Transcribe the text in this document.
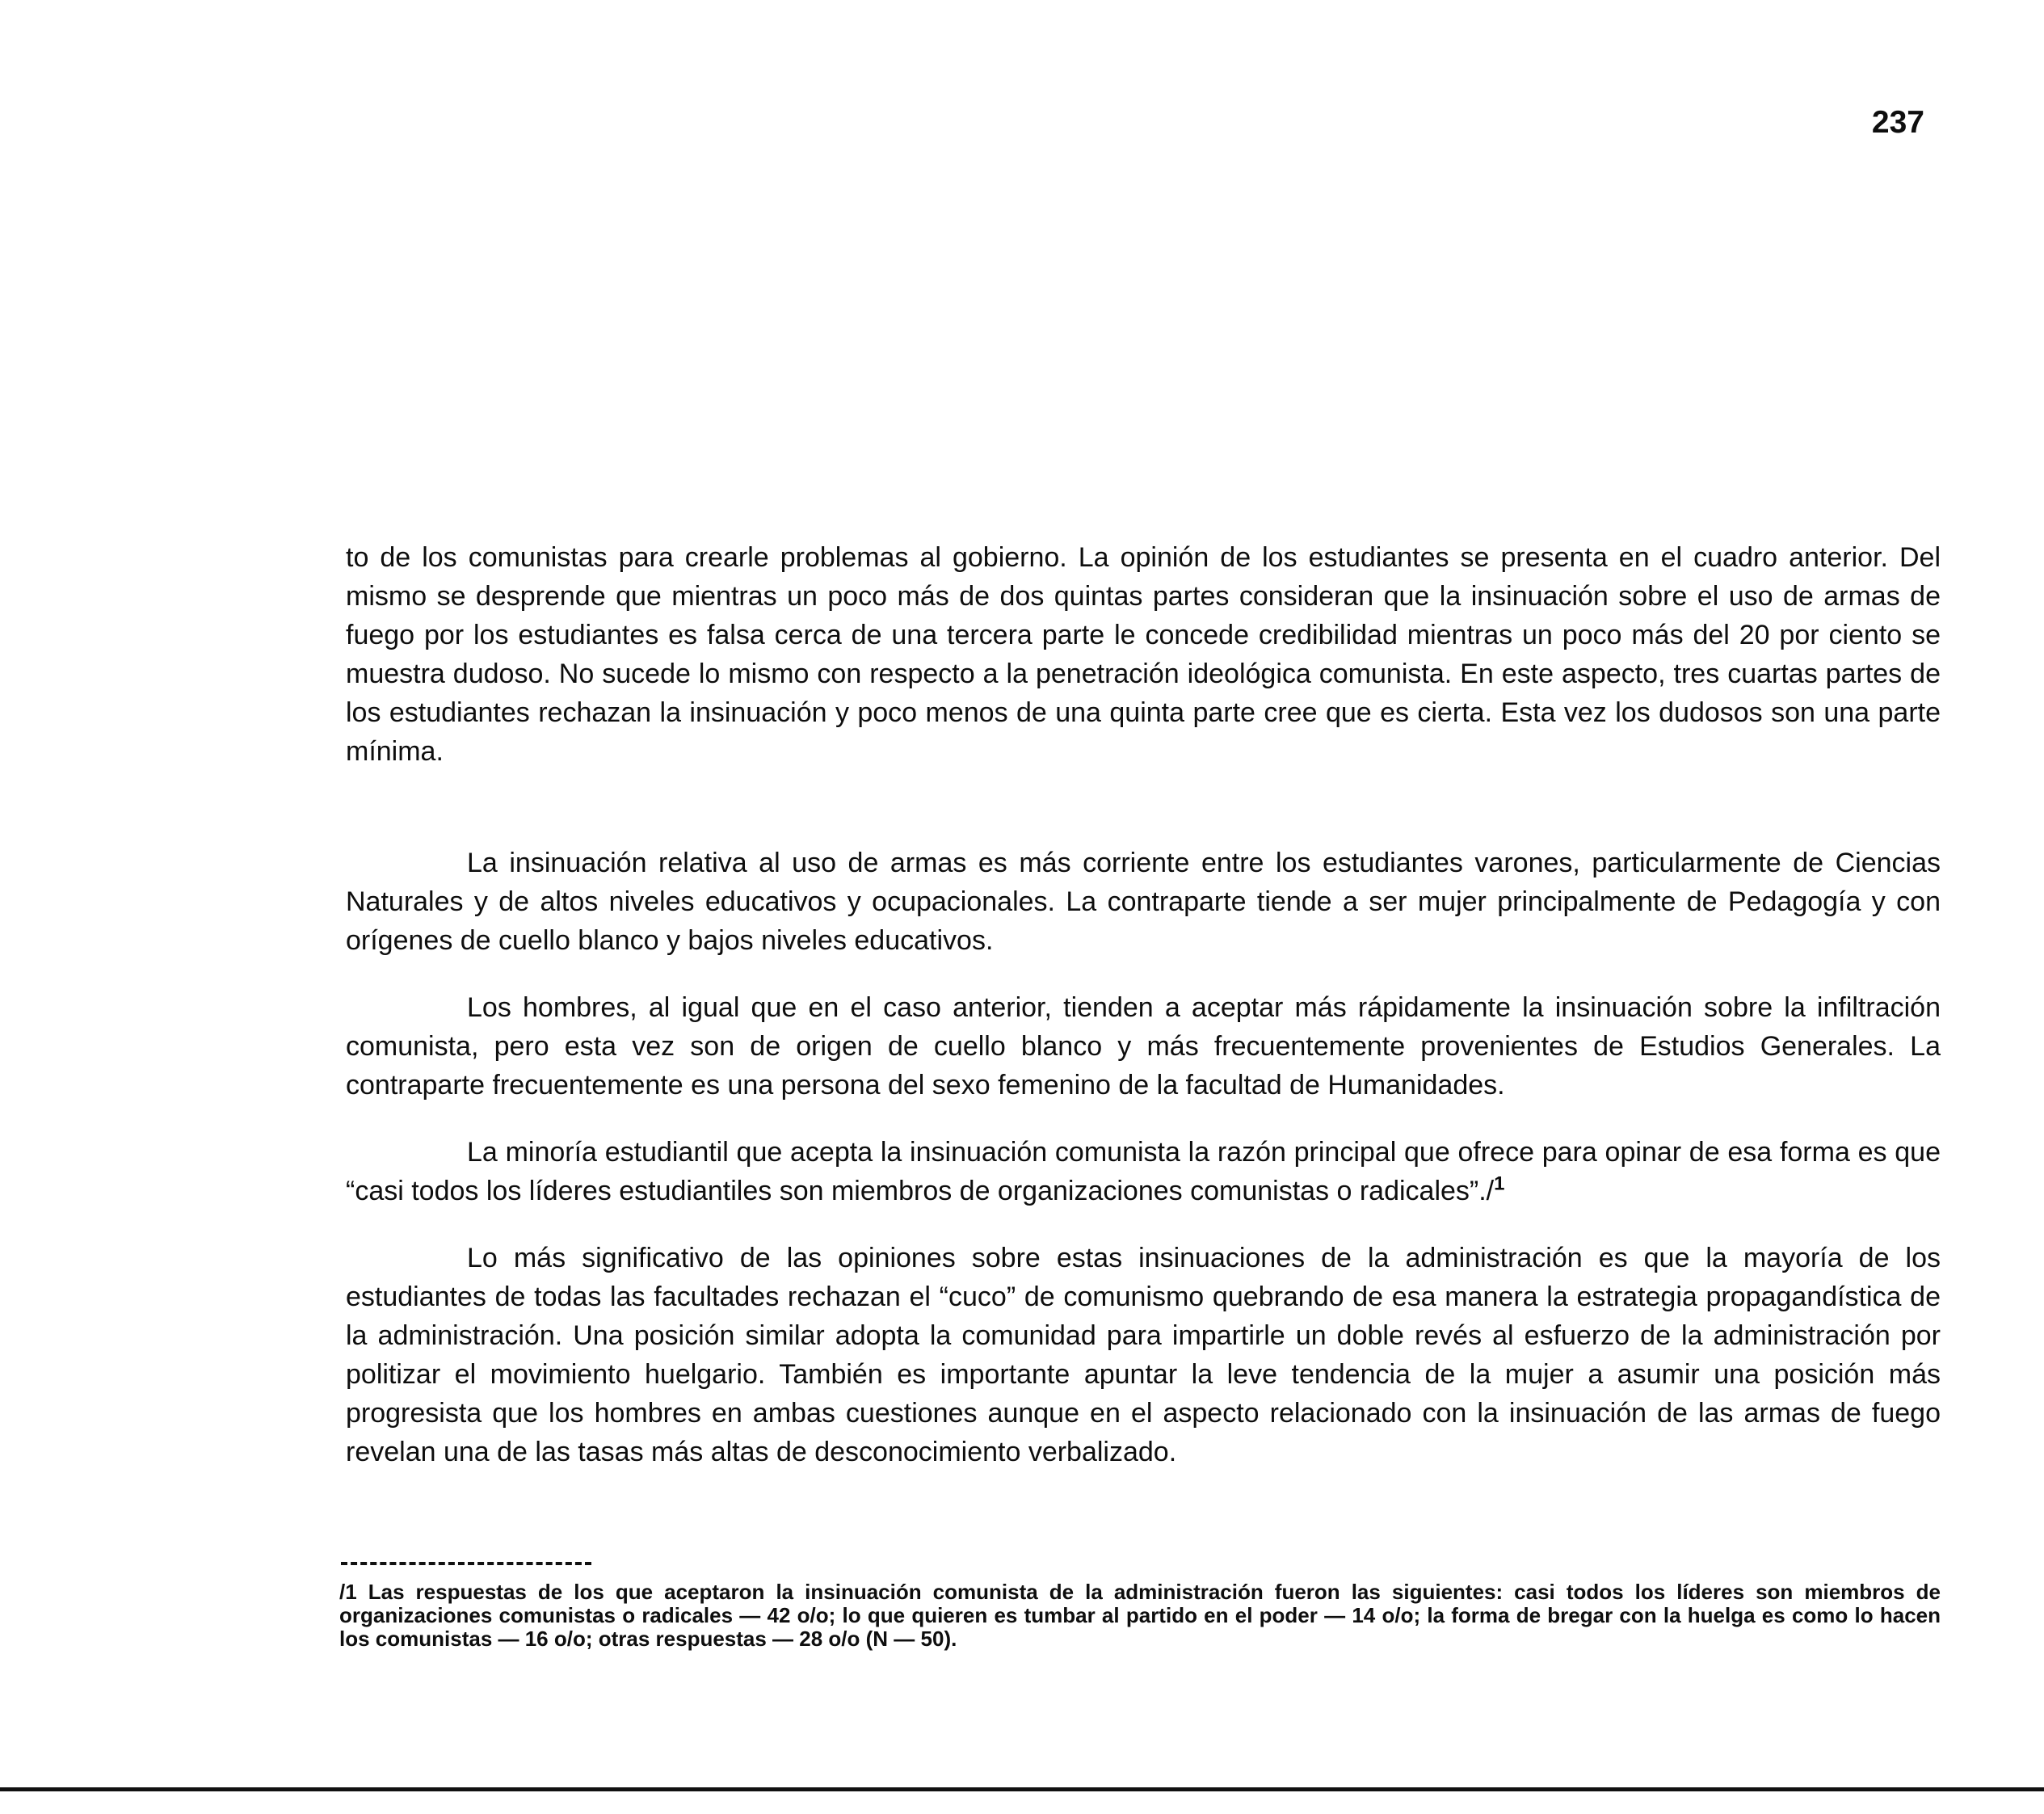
237

to de los comunistas para crearle problemas al gobierno. La opinión de los estudiantes se presenta en el cuadro anterior. Del mismo se desprende que mientras un poco más de dos quintas partes consideran que la insinuación sobre el uso de armas de fuego por los estudiantes es falsa cerca de una tercera parte le concede credibilidad mientras un poco más del 20 por ciento se muestra dudoso. No sucede lo mismo con respecto a la penetración ideológica comunista. En este aspecto, tres cuartas partes de los estudiantes rechazan la insinuación y poco menos de una quinta parte cree que es cierta. Esta vez los dudosos son una parte mínima.

La insinuación relativa al uso de armas es más corriente entre los estudiantes varones, particularmente de Ciencias Naturales y de altos niveles educativos y ocupacionales. La contraparte tiende a ser mujer principalmente de Pedagogía y con orígenes de cuello blanco y bajos niveles educativos.

Los hombres, al igual que en el caso anterior, tienden a aceptar más rápidamente la insinuación sobre la infiltración comunista, pero esta vez son de origen de cuello blanco y más frecuentemente provenientes de Estudios Generales. La contraparte frecuentemente es una persona del sexo femenino de la facultad de Humanidades.

La minoría estudiantil que acepta la insinuación comunista la razón principal que ofrece para opinar de esa forma es que “casi todos los líderes estudiantiles son miembros de organizaciones comunistas o radicales”./$^1$

Lo más significativo de las opiniones sobre estas insinuaciones de la administración es que la mayoría de los estudiantes de todas las facultades rechazan el “cuco” de comunismo quebrando de esa manera la estrategia propagandística de la administración. Una posición similar adopta la comunidad para impartirle un doble revés al esfuerzo de la administración por politizar el movimiento huelgario. También es importante apuntar la leve tendencia de la mujer a asumir una posición más progresista que los hombres en ambas cuestiones aunque en el aspecto relacionado con la insinuación de las armas de fuego revelan una de las tasas más altas de desconocimiento verbalizado.

/1 Las respuestas de los que aceptaron la insinuación comunista de la administración fueron las siguientes: casi todos los líderes son miembros de organizaciones comunistas o radicales — 42 o/o; lo que quieren es tumbar al partido en el poder — 14 o/o; la forma de bregar con la huelga es como lo hacen los comunistas — 16 o/o; otras respuestas — 28 o/o (N — 50).
